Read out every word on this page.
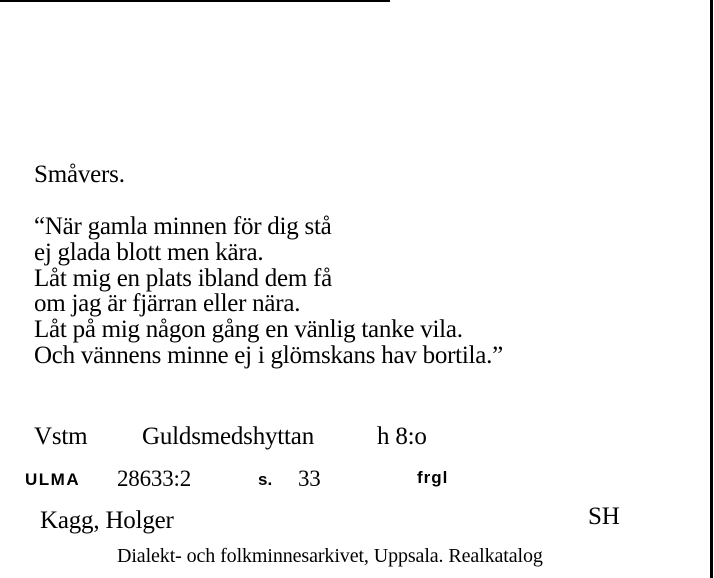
Småvers.
“När gamla minnen för dig stå
ej glada blott men kära.
Låt mig en plats ibland dem få
om jag är fjärran eller nära.
Låt på mig någon gång en vänlig tanke vila.
Och vännens minne ej i glömskans hav bortila.”
Vstm Guldsmedshyttan	h 8:o
ULMA 28633:2	s. 33	frgl
Kagg, Holger	SH
Dialekt- och folkminnesarkivet, Uppsala. Realkatalog
